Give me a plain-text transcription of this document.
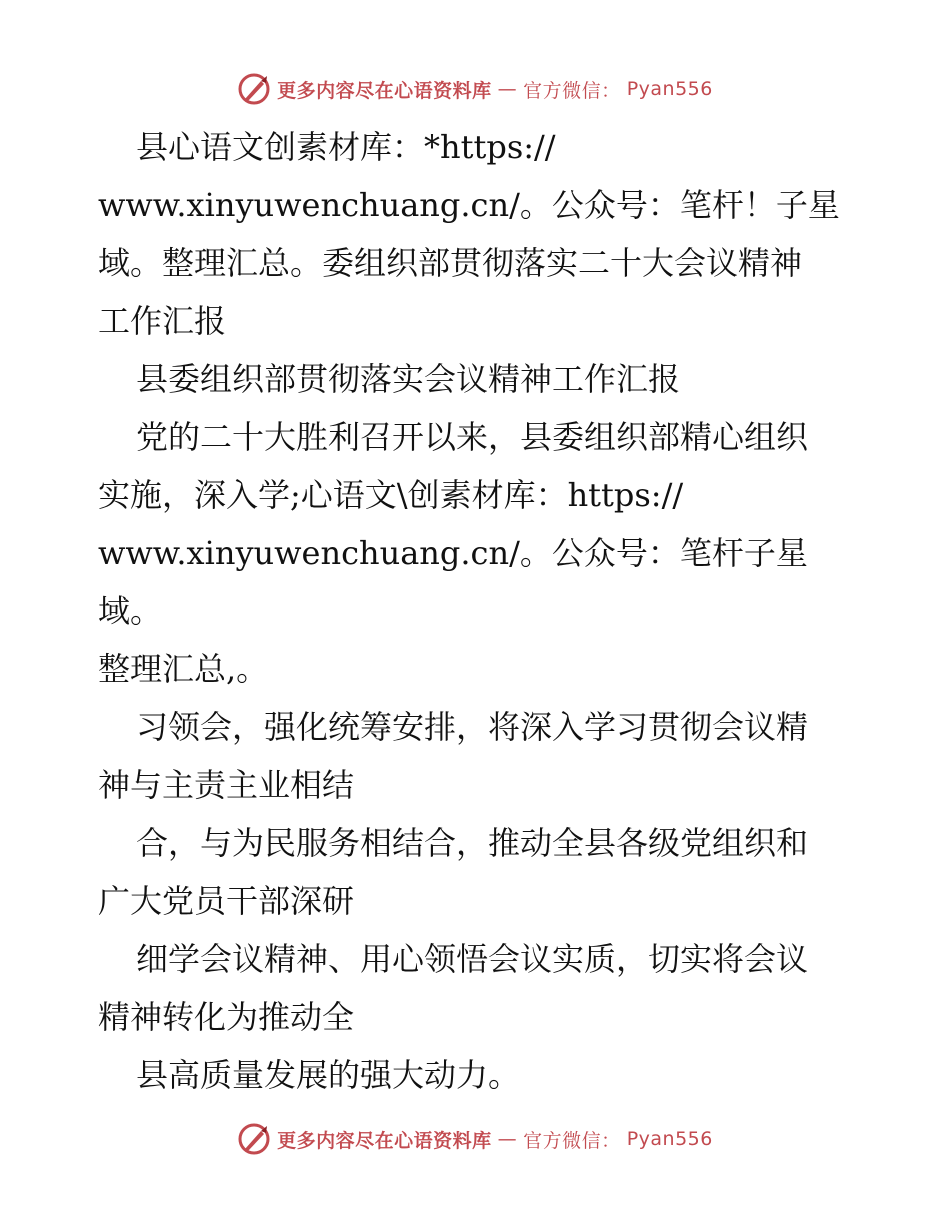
更多内容尽在心语资料库 — 官方微信： Pyan556

县心语文创素材库：*https://
www.xinyuwenchuang.cn/。公众号：笔杆！子星
域。整理汇总。委组织部贯彻落实二十大会议精神
工作汇报

县委组织部贯彻落实会议精神工作汇报

党的二十大胜利召开以来，县委组织部精心组织
实施，深入学;心语文\创素材库：https://
www.xinyuwenchuang.cn/。公众号：笔杆子星域。
整理汇总,。

习领会，强化统筹安排，将深入学习贯彻会议精
神与主责主业相结

合，与为民服务相结合，推动全县各级党组织和
广大党员干部深研

细学会议精神、用心领悟会议实质，切实将会议
精神转化为推动全

县高质量发展的强大动力。

更多内容尽在心语资料库 — 官方微信： Pyan556
